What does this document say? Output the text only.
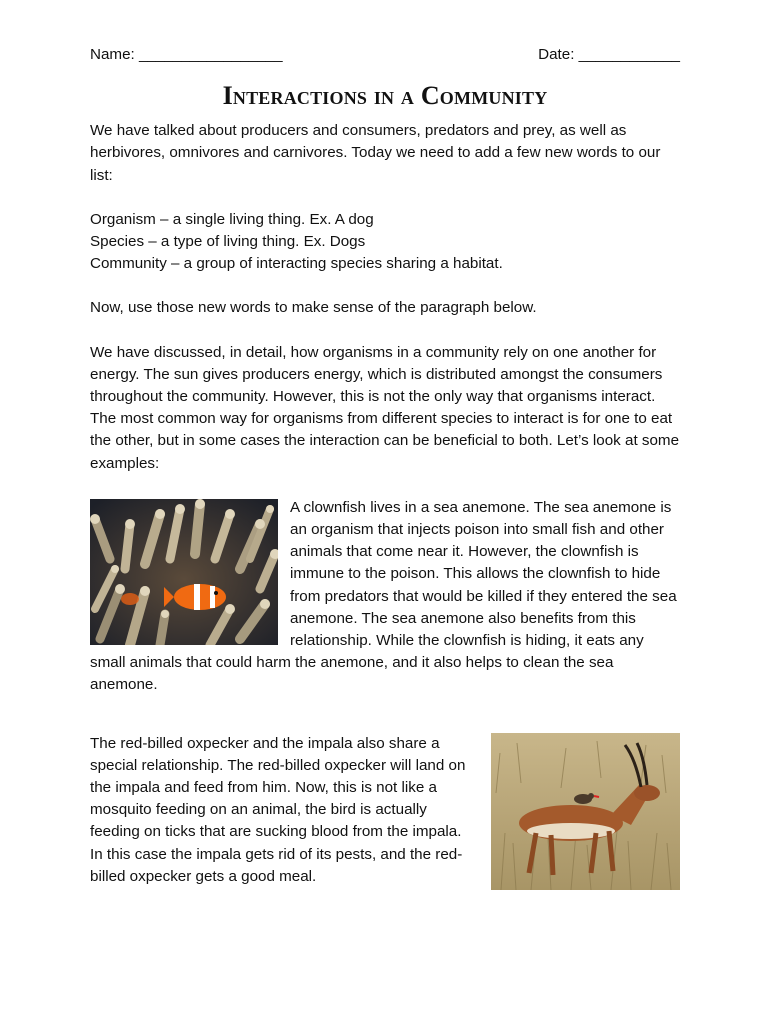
Name: _________________	Date: ____________
Interactions in a Community

We have talked about producers and consumers, predators and prey, as well as herbivores, omnivores and carnivores. Today we need to add a few new words to our list:

Organism – a single living thing. Ex. A dog

Species – a type of living thing. Ex. Dogs

Community – a group of interacting species sharing a habitat.

Now, use those new words to make sense of the paragraph below.

We have discussed, in detail, how organisms in a community rely on one another for energy. The sun gives producers energy, which is distributed amongst the consumers throughout the community. However, this is not the only way that organisms interact. The most common way for organisms from different species to interact is for one to eat the other, but in some cases the interaction can be beneficial to both. Let’s look at some examples:

A clownfish lives in a sea anemone. The sea anemone is an organism that injects poison into small fish and other animals that come near it. However, the clownfish is immune to the poison. This allows the clownfish to hide from predators that would be killed if they entered the sea anemone. The sea anemone also benefits from this relationship. While the clownfish is hiding, it eats any small animals that could harm the anemone, and it also helps to clean the sea anemone.

The red-billed oxpecker and the impala also share a special relationship. The red-billed oxpecker will land on the impala and feed from him. Now, this is not like a mosquito feeding on an animal, the bird is actually feeding on ticks that are sucking blood from the impala. In this case the impala gets rid of its pests, and the red-billed oxpecker gets a good meal.
